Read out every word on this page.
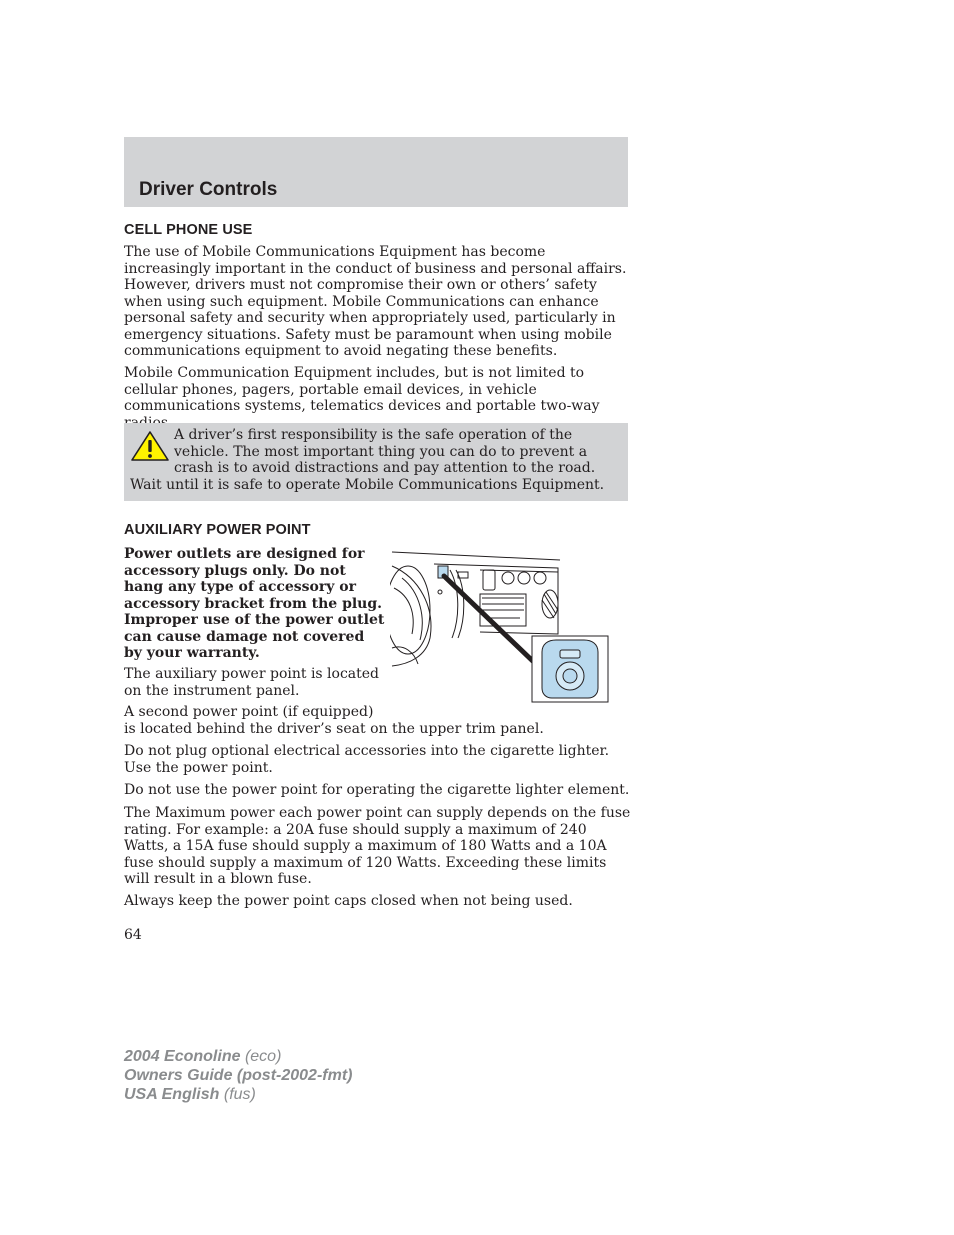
Driver Controls
CELL PHONE USE

The use of Mobile Communications Equipment has become increasingly important in the conduct of business and personal affairs. However, drivers must not compromise their own or others’ safety when using such equipment. Mobile Communications can enhance personal safety and security when appropriately used, particularly in emergency situations. Safety must be paramount when using mobile communications equipment to avoid negating these benefits.

Mobile Communication Equipment includes, but is not limited to cellular phones, pagers, portable email devices, in vehicle communications systems, telematics devices and portable two-way

A driver’s first responsibility is the safe operation of the vehicle. The most important thing you can do to prevent a crash is to avoid distractions and pay attention to the road. Wait until it is safe to operate Mobile Communications Equipment.

AUXILIARY POWER POINT

Power outlets are designed for accessory plugs only. Do not hang any type of accessory or accessory bracket from the plug. Improper use of the power outlet can cause damage not covered by your warranty.

The auxiliary power point is located on the instrument panel.

A second power point (if equipped)

is located behind the driver’s seat on the upper trim panel.

Do not plug optional electrical accessories into the cigarette lighter. Use the power point.

Do not use the power point for operating the cigarette lighter element.

The Maximum power each power point can supply depends on the fuse rating. For example: a 20A fuse should supply a maximum of 240 Watts, a 15A fuse should supply a maximum of 180 Watts and a 10A fuse should supply a maximum of 120 Watts. Exceeding these limits will result in a blown fuse.

Always keep the power point caps closed when not being used.

64

2004 Econoline (eco)
Owners Guide (post-2002-fmt)
USA English (fus)
